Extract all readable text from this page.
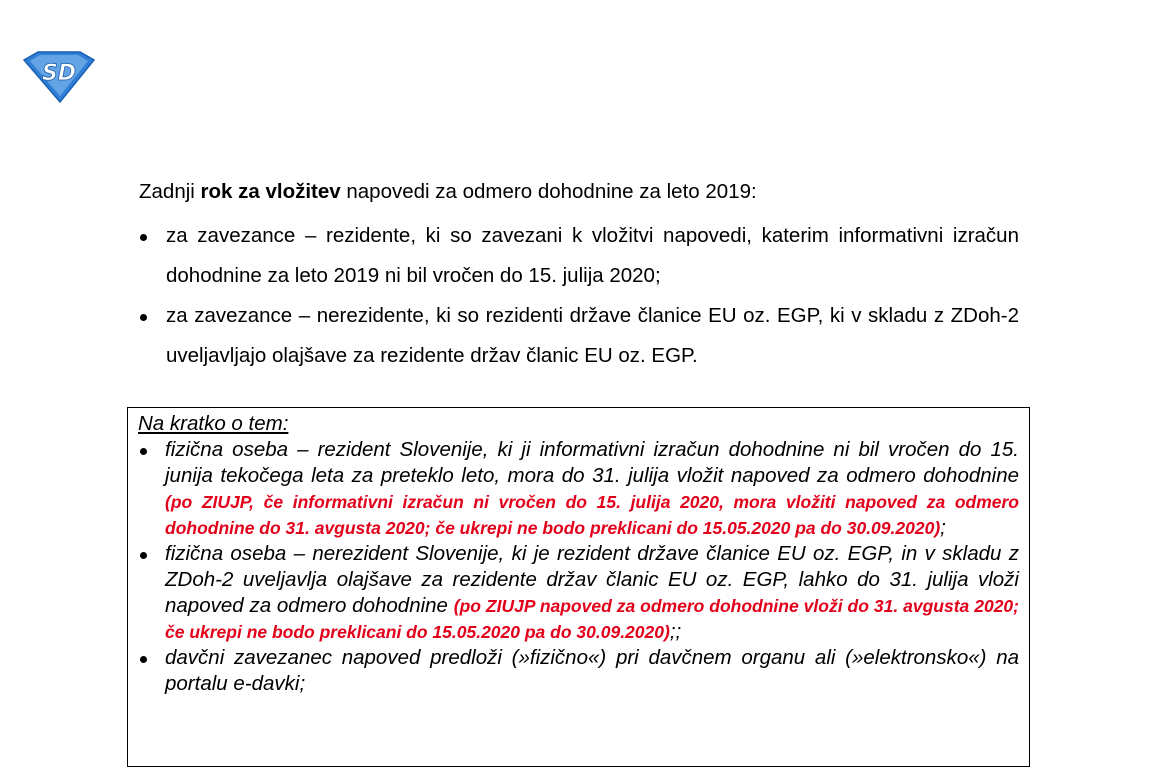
SD
Zadnji rok za vložitev napovedi za odmero dohodnine za leto 2019:
za zavezance – rezidente, ki so zavezani k vložitvi napovedi, katerim informativni izračun dohodnine za leto 2019 ni bil vročen do 15. julija 2020;
za zavezance – nerezidente, ki so rezidenti države članice EU oz. EGP, ki v skladu z ZDoh-2 uveljavljajo olajšave za rezidente držav članic EU oz. EGP.
Na kratko o tem:
fizična oseba – rezident Slovenije, ki ji informativni izračun dohodnine ni bil vročen do 15. junija tekočega leta za preteklo leto, mora do 31. julija vložit napoved za odmero dohodnine (po ZIUJP, če informativni izračun ni vročen do 15. julija 2020, mora vložiti napoved za odmero dohodnine do 31. avgusta 2020; če ukrepi ne bodo preklicani do 15.05.2020 pa do 30.09.2020);
fizična oseba – nerezident Slovenije, ki je rezident države članice EU oz. EGP, in v skladu z ZDoh-2 uveljavlja olajšave za rezidente držav članic EU oz. EGP, lahko do 31. julija vloži napoved za odmero dohodnine (po ZIUJP napoved za odmero dohodnine vloži do 31. avgusta 2020; če ukrepi ne bodo preklicani do 15.05.2020 pa do 30.09.2020);;
davčni zavezanec napoved predloži (»fizično«) pri davčnem organu ali (»elektronsko«) na portalu e-davki;
